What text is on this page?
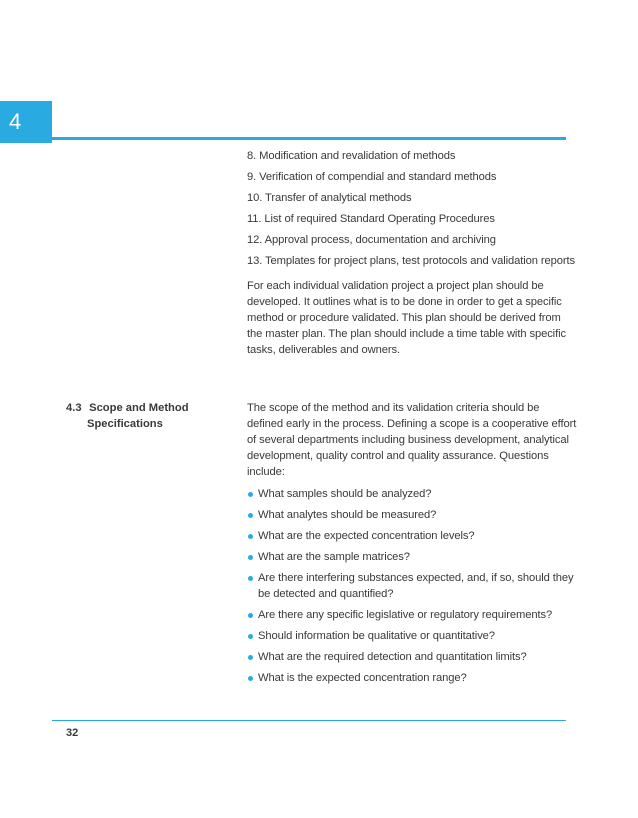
4
8. Modification and revalidation of methods
9. Verification of compendial and standard methods
10. Transfer of analytical methods
11. List of required Standard Operating Procedures
12. Approval process, documentation and archiving
13. Templates for project plans, test protocols and validation reports
For each individual validation project a project plan should be developed. It outlines what is to be done in order to get a specific method or procedure validated. This plan should be derived from the master plan. The plan should include a time table with specific tasks, deliverables and owners.
4.3 Scope and Method
Specifications

The scope of the method and its validation criteria should be defined early in the process. Defining a scope is a cooperative effort of several departments including business development, analytical development, quality control and quality assurance. Questions include:

What samples should be analyzed?
What analytes should be measured?
What are the expected concentration levels?
What are the sample matrices?
Are there interfering substances expected, and, if so, should they be detected and quantified?
Are there any specific legislative or regulatory requirements?
Should information be qualitative or quantitative?
What are the required detection and quantitation limits?
What is the expected concentration range?
32
